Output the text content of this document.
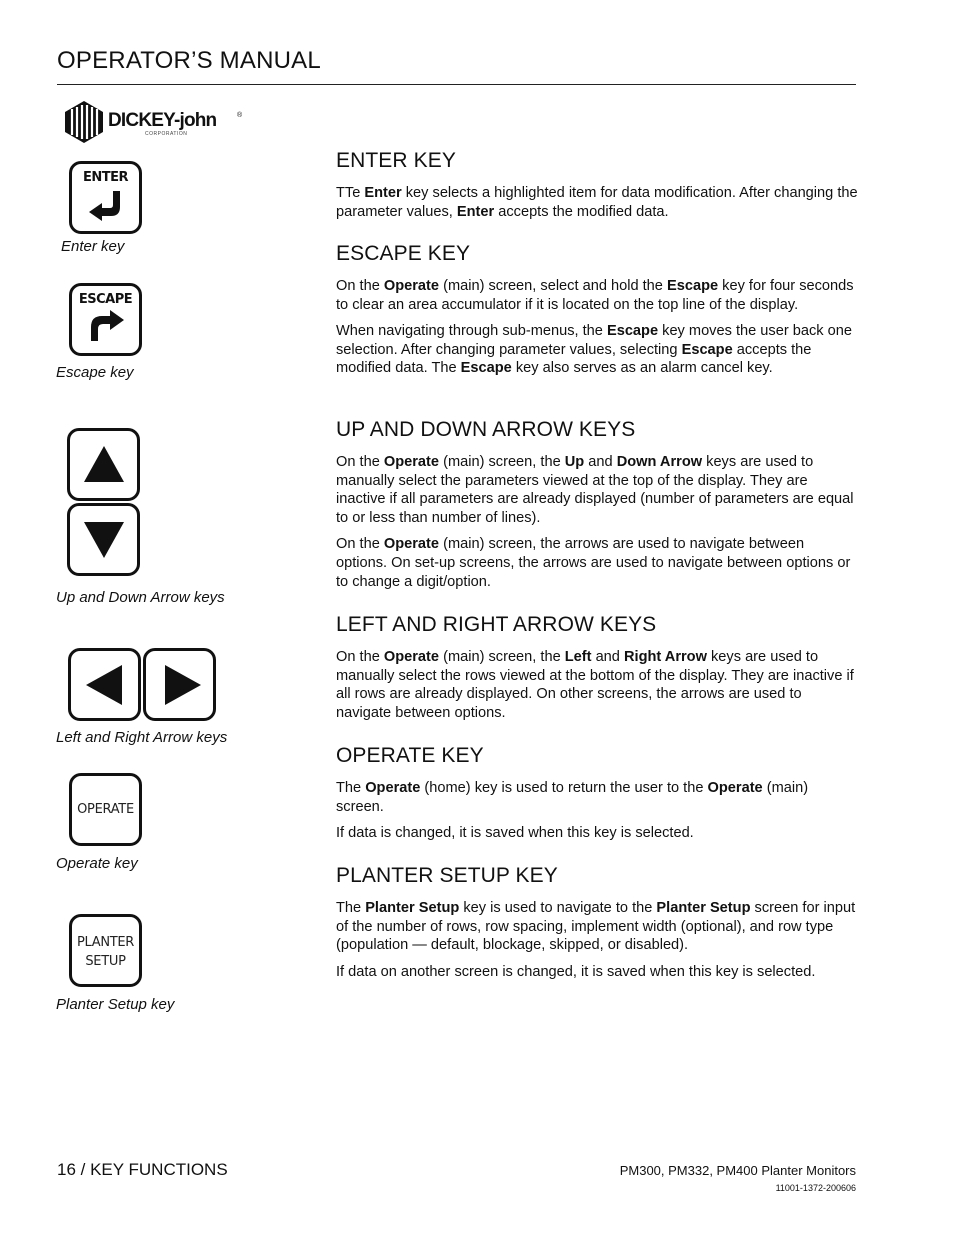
OPERATOR’S MANUAL
DICKEY-john	®
CORPORATION
ENTER
Enter key
ESCAPE
Escape key
Up and Down Arrow keys
Left and Right Arrow keys
OPERATE
Operate key
PLANTER
SETUP
Planter Setup key
ENTER KEY

TTe Enter key selects a highlighted item for data modification. After changing the parameter values, Enter accepts the modified data.

ESCAPE KEY

On the Operate (main) screen, select and hold the Escape key for four seconds to clear an area accumulator if it is located on the top line of the display.

When navigating through sub-menus, the Escape key moves the user back one selection. After changing parameter values, selecting Escape accepts the modified data. The Escape key also serves as an alarm cancel key.

UP AND DOWN ARROW KEYS

On the Operate (main) screen, the Up and Down Arrow keys are used to manually select the parameters viewed at the top of the display. They are inactive if all parameters are already displayed (number of parameters are equal to or less than number of lines).

On the Operate (main) screen, the arrows are used to navigate between options. On set-up screens, the arrows are used to navigate between options or to change a digit/option.

LEFT AND RIGHT ARROW KEYS

On the Operate (main) screen, the Left and Right Arrow keys are used to manually select the rows viewed at the bottom of the display. They are inactive if all rows are already displayed. On other screens, the arrows are used to navigate between options.

OPERATE KEY

The Operate (home) key is used to return the user to the Operate (main) screen.

If data is changed, it is saved when this key is selected.

PLANTER SETUP KEY

The Planter Setup key is used to navigate to the Planter Setup screen for input of the number of rows, row spacing, implement width (optional), and row type (population — default, blockage, skipped, or disabled).

If data on another screen is changed, it is saved when this key is selected.

16 / KEY FUNCTIONS	PM300, PM332, PM400 Planter Monitors
11001-1372-200606
